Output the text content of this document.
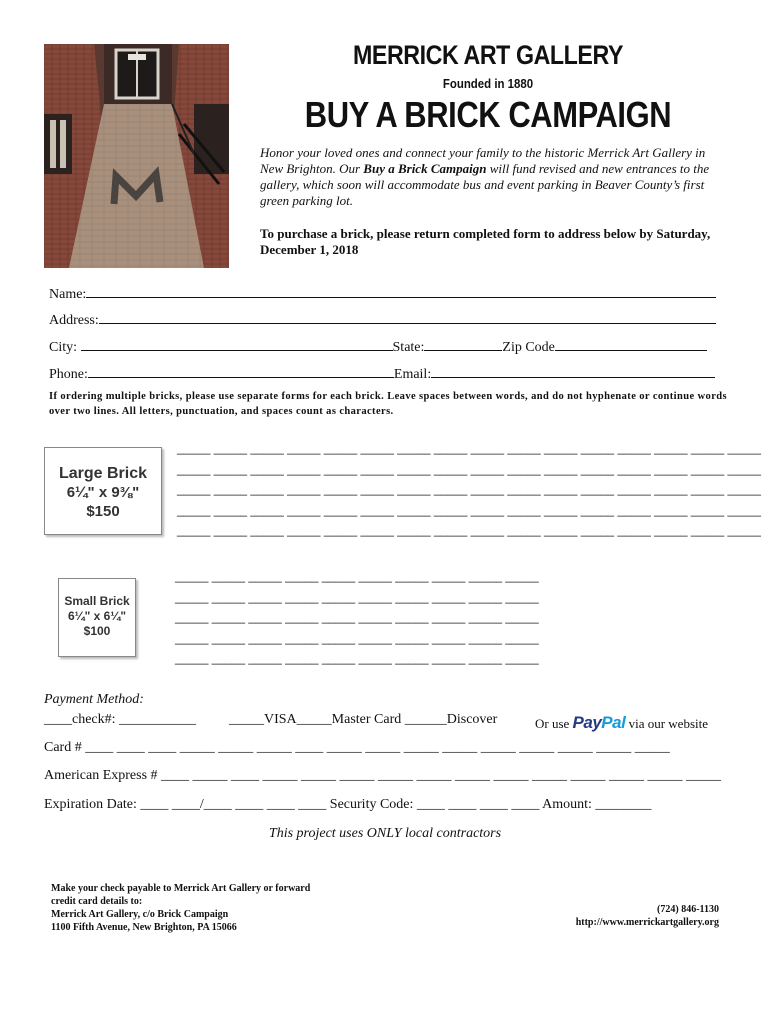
MERRICK ART GALLERY
Founded in 1880
BUY A BRICK CAMPAIGN
Honor your loved ones and connect your family to the historic Merrick Art Gallery in New Brighton. Our Buy a Brick Campaign will fund revised and new entrances to the gallery, which soon will accommodate bus and event parking in Beaver County’s first green parking lot.
To purchase a brick, please return completed form to address below by Saturday, December 1, 2018
Name:
Address:
City:	State:	Zip Code
Phone:	Email:
If ordering multiple bricks, please use separate forms for each brick. Leave spaces between words, and do not hyphenate or continue words over two lines. All letters, punctuation, and spaces count as characters.
Large Brick
6¼" x 9⅜"
$150
_____ _____ _____ _____ _____ _____ _____ _____ _____ _____ _____ _____ _____ _____ _____ _____
_____ _____ _____ _____ _____ _____ _____ _____ _____ _____ _____ _____ _____ _____ _____ _____
_____ _____ _____ _____ _____ _____ _____ _____ _____ _____ _____ _____ _____ _____ _____ _____
_____ _____ _____ _____ _____ _____ _____ _____ _____ _____ _____ _____ _____ _____ _____ _____
_____ _____ _____ _____ _____ _____ _____ _____ _____ _____ _____ _____ _____ _____ _____ _____
Small Brick
6¼" x 6¼"
$100
_____ _____ _____ _____ _____ _____ _____ _____ _____ _____
_____ _____ _____ _____ _____ _____ _____ _____ _____ _____
_____ _____ _____ _____ _____ _____ _____ _____ _____ _____
_____ _____ _____ _____ _____ _____ _____ _____ _____ _____
_____ _____ _____ _____ _____ _____ _____ _____ _____ _____
Payment Method:
____check#: ___________ _____VISA_____Master Card ______Discover	Or use PayPal via our website
Card # ____ ____ ____ _____ _____ _____ ____ _____ _____ _____ _____ _____ _____ _____ _____ _____
American Express # ____ _____ ____ _____ _____ _____ _____ _____ _____ _____ _____ _____ _____ _____ _____
Expiration Date: ____ ____/____ ____ ____ ____ Security Code: ____ ____ ____ ____ Amount: ________
This project uses ONLY local contractors
Make your check payable to Merrick Art Gallery or forward
credit card details to:
Merrick Art Gallery, c/o Brick Campaign
1100 Fifth Avenue, New Brighton, PA 15066
(724) 846-1130
http://www.merrickartgallery.org
